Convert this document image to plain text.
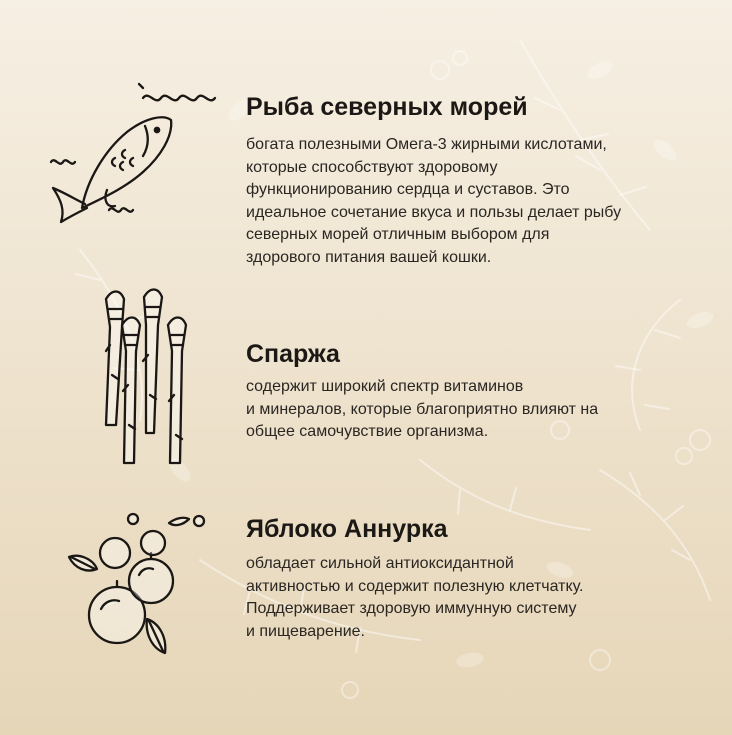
Рыба северных морей

богата полезными Омега-3 жирными кислотами,
которые способствуют здоровому
функционированию сердца и суставов. Это
идеальное сочетание вкуса и пользы делает рыбу
северных морей отличным выбором для
здорового питания вашей кошки.

Спаржа

содержит широкий спектр витаминов
и минералов, которые благоприятно влияют на
общее самочувствие организма.

Яблоко Аннурка

обладает сильной антиоксидантной
активностью и содержит полезную клетчатку.
Поддерживает здоровую иммунную систему
и пищеварение.
